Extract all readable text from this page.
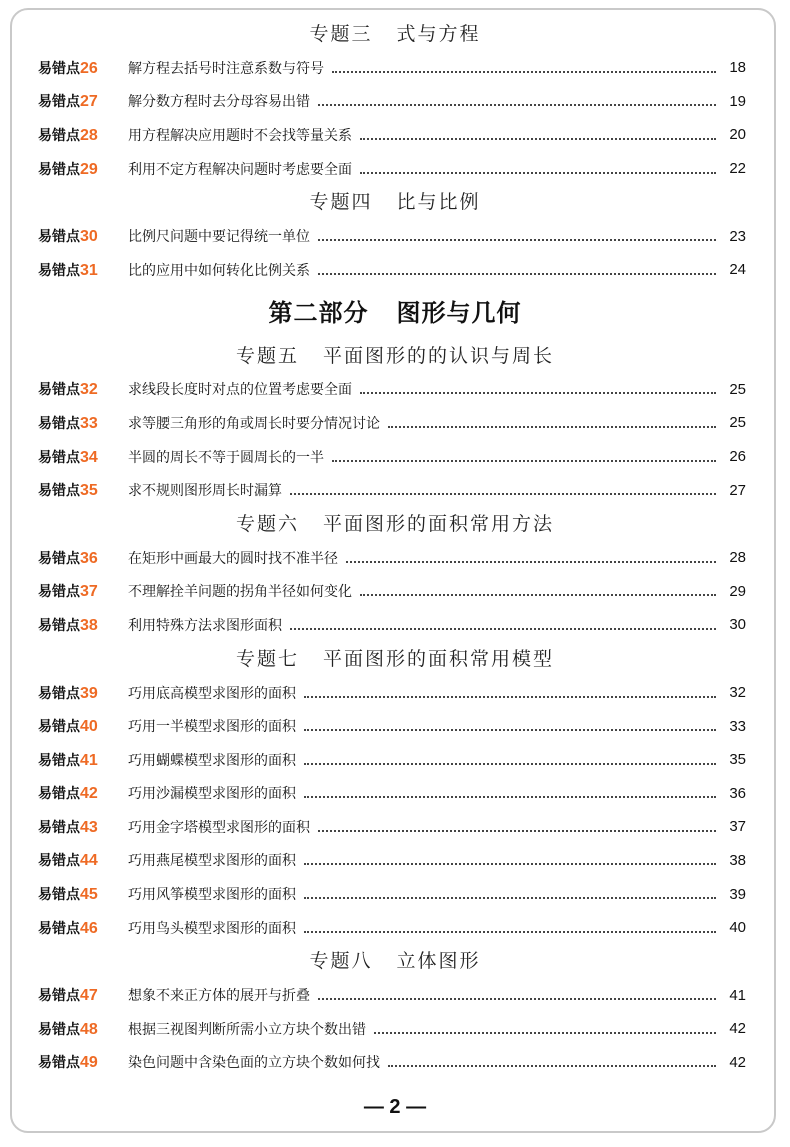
专题三   式与方程
易错点26	解方程去括号时注意系数与符号	18
易错点27	解分数方程时去分母容易出错	19
易错点28	用方程解决应用题时不会找等量关系	20
易错点29	利用不定方程解决问题时考虑要全面	22
专题四   比与比例
易错点30	比例尺问题中要记得统一单位	23
易错点31	比的应用中如何转化比例关系	24
第二部分   图形与几何
专题五   平面图形的的认识与周长
易错点32	求线段长度时对点的位置考虑要全面	25
易错点33	求等腰三角形的角或周长时要分情况讨论	25
易错点34	半圆的周长不等于圆周长的一半	26
易错点35	求不规则图形周长时漏算	27
专题六   平面图形的面积常用方法
易错点36	在矩形中画最大的圆时找不准半径	28
易错点37	不理解拴羊问题的拐角半径如何变化	29
易错点38	利用特殊方法求图形面积	30
专题七   平面图形的面积常用模型
易错点39	巧用底高模型求图形的面积	32
易错点40	巧用一半模型求图形的面积	33
易错点41	巧用蝴蝶模型求图形的面积	35
易错点42	巧用沙漏模型求图形的面积	36
易错点43	巧用金字塔模型求图形的面积	37
易错点44	巧用燕尾模型求图形的面积	38
易错点45	巧用风筝模型求图形的面积	39
易错点46	巧用鸟头模型求图形的面积	40
专题八   立体图形
易错点47	想象不来正方体的展开与折叠	41
易错点48	根据三视图判断所需小立方块个数出错	42
易错点49	染色问题中含染色面的立方块个数如何找	42
— 2 —
